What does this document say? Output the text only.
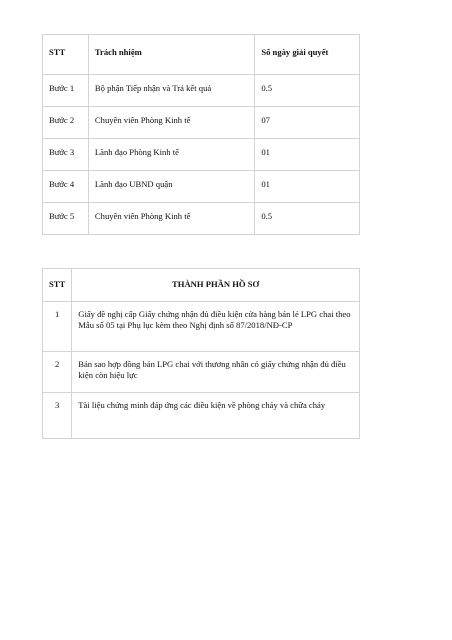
STT	Trách nhiệm	Số ngày giải quyết
Bước 1	Bộ phận Tiếp nhận và Trả kết quả	0.5
Bước 2	Chuyên viên Phòng Kinh tế	07
Bước 3	Lãnh đạo Phòng Kinh tế	01
Bước 4	Lãnh đạo UBND quận	01
Bước 5	Chuyên viên Phòng Kinh tế	0.5
STT	THÀNH PHẦN HỒ SƠ
1	Giấy đề nghị cấp Giấy chứng nhận đủ điều kiện cửa hàng bán lẻ LPG chai theo Mẫu số 05 tại Phụ lục kèm theo Nghị định số 87/2018/NĐ-CP
2	Bản sao hợp đồng bán LPG chai với thương nhân có giấy chứng nhận đủ điều kiện còn hiệu lực
3	Tài liệu chứng minh đáp ứng các điều kiện về phòng cháy và chữa cháy
